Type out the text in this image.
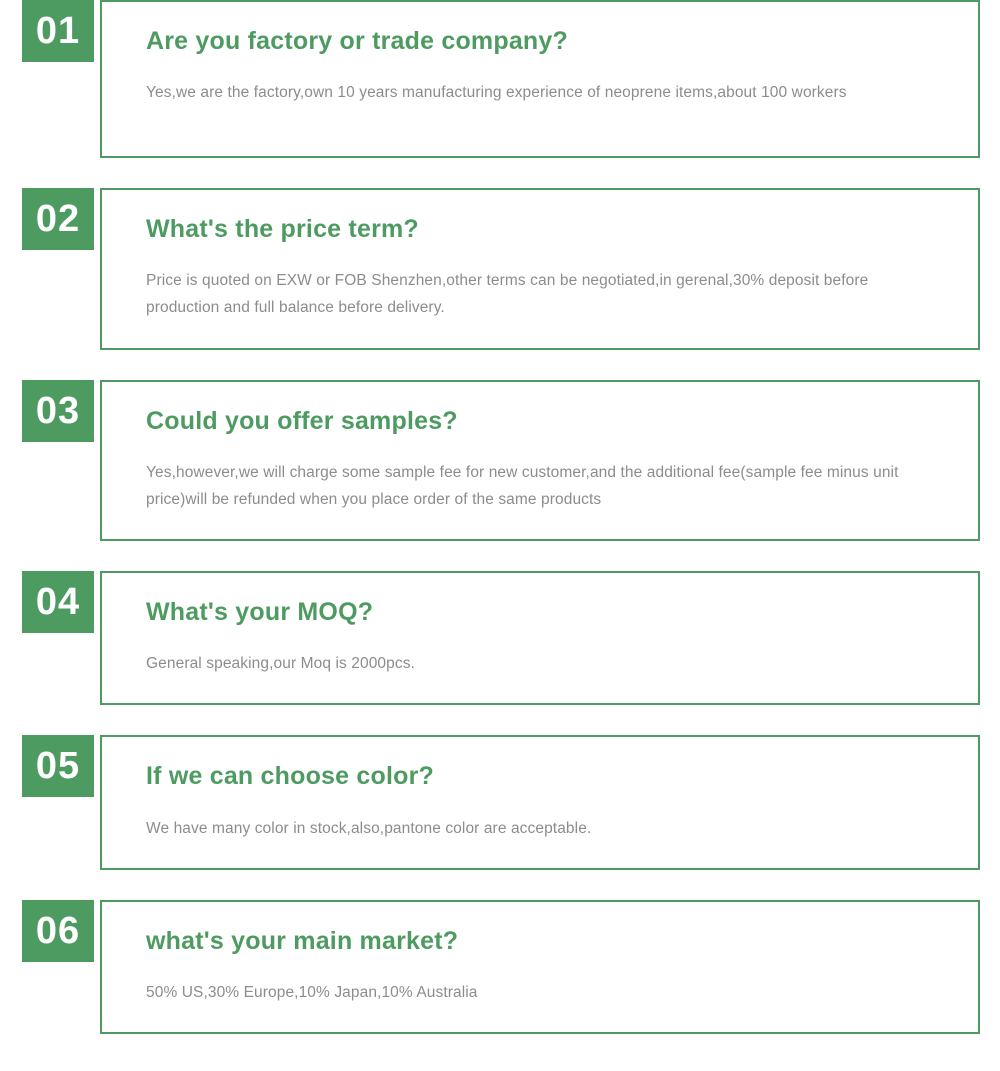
01	Are you factory or trade company?
Yes,we are the factory,own 10 years manufacturing experience of neoprene items,about 100 workers
02	What's the price term?
Price is quoted on EXW or FOB Shenzhen,other terms can be negotiated,in gerenal,30% deposit before production and full balance before delivery.
03	Could you offer samples?
Yes,however,we will charge some sample fee for new customer,and the additional fee(sample fee minus unit price)will be refunded when you place order of the same products
04	What's your MOQ?
General speaking,our Moq is 2000pcs.
05	If we can choose color?
We have many color in stock,also,pantone color are acceptable.
06	what's your main market?
50% US,30% Europe,10% Japan,10% Australia
